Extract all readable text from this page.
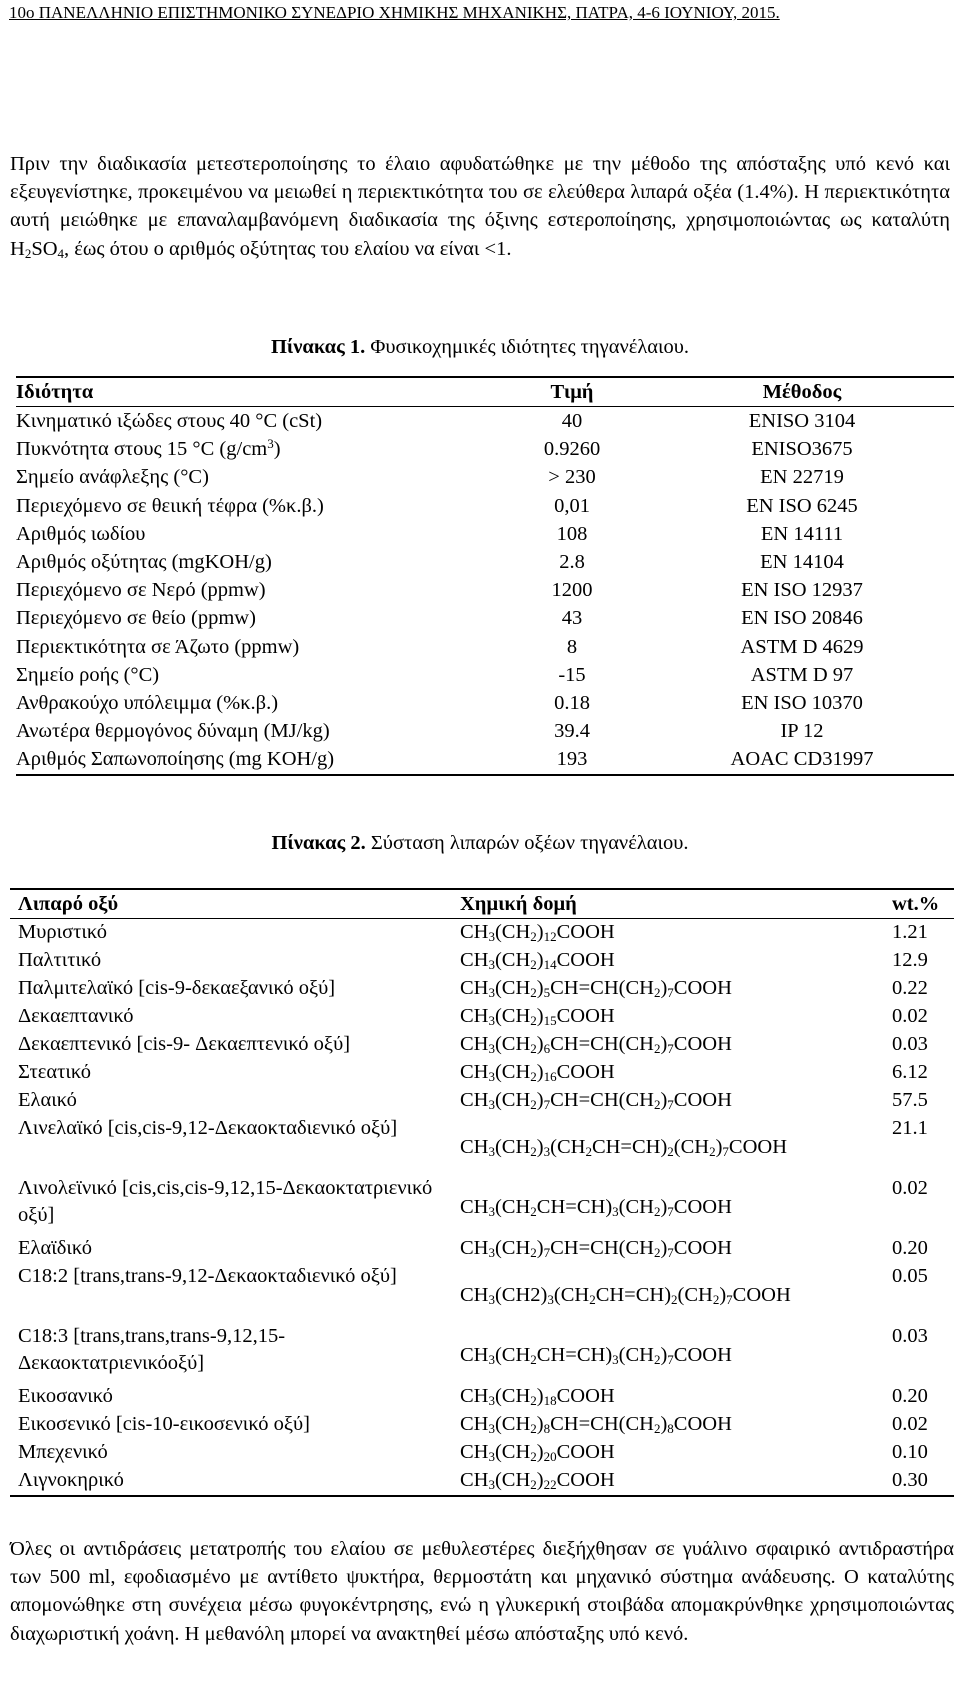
10ο ΠΑΝΕΛΛΗΝΙΟ ΕΠΙΣΤΗΜΟΝΙΚΟ ΣΥΝΕΔΡΙΟ ΧΗΜΙΚΗΣ ΜΗΧΑΝΙΚΗΣ, ΠΑΤΡΑ, 4-6 ΙΟΥΝΙΟΥ, 2015.

Πριν την διαδικασία μετεστεροποίησης το έλαιο αφυδατώθηκε με την μέθοδο της απόσταξης υπό κενό και εξευγενίστηκε, προκειμένου να μειωθεί η περιεκτικότητα του σε ελεύθερα λιπαρά οξέα (1.4%). Η περιεκτικότητα αυτή μειώθηκε με επαναλαμβανόμενη διαδικασία της όξινης εστεροποίησης, χρησιμοποιώντας ως καταλύτη $H_2SO_4$, έως ότου ο αριθμός οξύτητας του ελαίου να είναι <1.

Πίνακας 1. Φυσικοχημικές ιδιότητες τηγανέλαιου.
Ιδιότητα	Τιμή	Μέθοδος
Κινηματικό ιξώδες στους 40 °C (cSt)	40	ENISO 3104
Πυκνότητα στους 15 °C $(g/cm^3)$	0.9260	ENISO3675
Σημείο ανάφλεξης (°C)	> 230	EN 22719
Περιεχόμενο σε θειική τέφρα (%κ.β.)	0,01	EN ISO 6245
Αριθμός ιωδίου	108	EN 14111
Αριθμός οξύτητας (mgKOH/g)	2.8	EN 14104
Περιεχόμενο σε Νερό (ppmw)	1200	EN ISO 12937
Περιεχόμενο σε θείο (ppmw)	43	EN ISO 20846
Περιεκτικότητα σε Άζωτο (ppmw)	8	ASTM D 4629
Σημείο ροής (°C)	-15	ASTM D 97
Ανθρακούχο υπόλειμμα (%κ.β.)	0.18	EN ISO 10370
Ανωτέρα θερμογόνος δύναμη (MJ/kg)	39.4	IP 12
Αριθμός Σαπωνοποίησης (mg KOH/g)	193	AOAC CD31997
Πίνακας 2. Σύσταση λιπαρών οξέων τηγανέλαιου.
Λιπαρό οξύ	Χημική δομή	wt.%
Μυριστικό	$CH_3(CH_2)_{12}COOH$	1.21
Παλτιτικό	$CH_3(CH_2)_{14}COOH$	12.9
Παλμιτελαϊκό [cis-9-δεκαεξανικό οξύ]	$CH_3(CH_2)_5CH=CH(CH_2)_7COOH$	0.22
Δεκαεπτανικό	$CH_3(CH_2)_{15}COOH$	0.02
Δεκαεπτενικό [cis-9- Δεκαεπτενικό οξύ]	$CH_3(CH_2)_6CH=CH(CH_2)_7COOH$	0.03
Στεατικό	$CH_3(CH_2)_{16}COOH$	6.12
Ελαικό	$CH_3(CH_2)_7CH=CH(CH_2)_7COOH$	57.5
Λινελαϊκό [cis,cis-9,12-Δεκαοκταδιενικό οξύ]	$CH_3(CH_2)_3(CH_2CH=CH)_2(CH_2)_7COOH$	21.1
Λινολεϊνικό [cis,cis,cis-9,12,15-Δεκαοκτατριενικό οξύ]	$CH_3(CH_2CH=CH)_3(CH_2)_7COOH$	0.02
Ελαϊδικό	$CH_3(CH_2)_7CH=CH(CH_2)_7COOH$	0.20
C18:2 [trans,trans-9,12-Δεκαοκταδιενικό οξύ]	$CH_3(CH2)_3(CH_2CH=CH)_2(CH_2)_7COOH$	0.05
C18:3 [trans,trans,trans-9,12,15-Δεκαοκτατριενικόοξύ]	$CH_3(CH_2CH=CH)_3(CH_2)_7COOH$	0.03
Εικοσανικό	$CH_3(CH_2)_{18}COOH$	0.20
Εικοσενικό [cis-10-εικοσενικό οξύ]	$CH_3(CH_2)_8CH=CH(CH_2)_8COOH$	0.02
Μπεχενικό	$CH_3(CH_2)_{20}COOH$	0.10
Λιγνοκηρικό	$CH_3(CH_2)_{22}COOH$	0.30

Όλες οι αντιδράσεις μετατροπής του ελαίου σε μεθυλεστέρες διεξήχθησαν σε γυάλινο σφαιρικό αντιδραστήρα των 500 ml, εφοδιασμένο με αντίθετο ψυκτήρα, θερμοστάτη και μηχανικό σύστημα ανάδευσης. Ο καταλύτης απομονώθηκε στη συνέχεια μέσω φυγοκέντρησης, ενώ η γλυκερική στοιβάδα απομακρύνθηκε χρησιμοποιώντας διαχωριστική χοάνη. Η μεθανόλη μπορεί να ανακτηθεί μέσω απόσταξης υπό κενό.
